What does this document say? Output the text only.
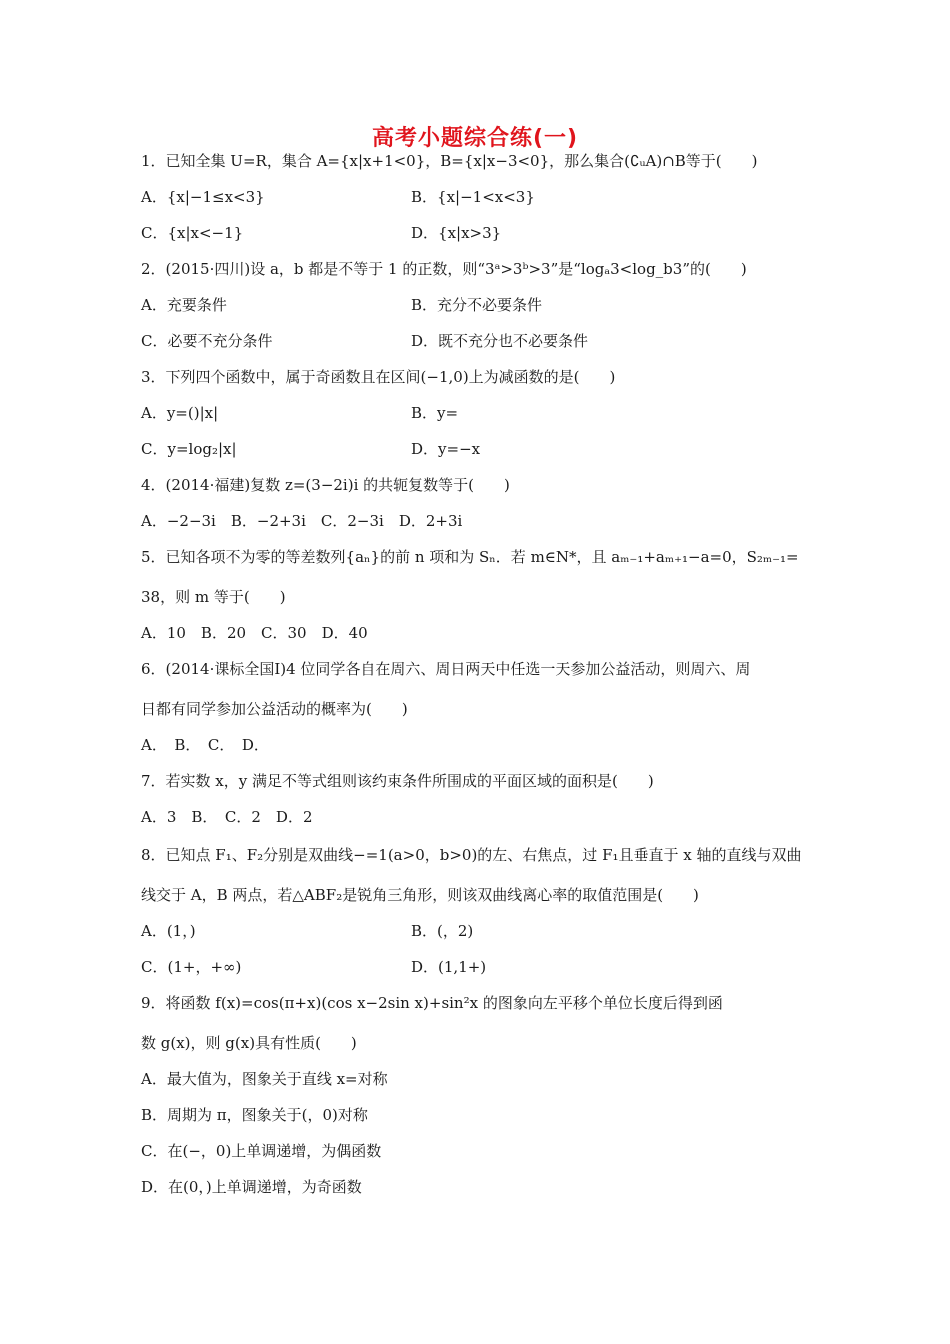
高考小题综合练(一)
1．已知全集 U=R，集合 A={x|x+1<0}，B={x|x−3<0}，那么集合(∁ᵤA)∩B等于(　　)
A．{x|−1≤x<3}	B．{x|−1<x<3}
C．{x|x<−1}	D．{x|x>3}
2．(2015·四川)设 a，b 都是不等于 1 的正数，则“3ᵃ>3ᵇ>3”是“logₐ3<log_b3”的(　　)
A．充要条件	B．充分不必要条件
C．必要不充分条件	D．既不充分也不必要条件
3．下列四个函数中，属于奇函数且在区间(−1,0)上为减函数的是(　　)
A．y=()|x|	B．y=
C．y=log₂|x|	D．y=−x
4．(2014·福建)复数 z=(3−2i)i 的共轭复数等于(　　)
A．−2−3i　B．−2+3i　C．2−3i　D．2+3i
5．已知各项不为零的等差数列{aₙ}的前 n 项和为 Sₙ．若 m∈N*，且 aₘ₋₁+aₘ₊₁−a=0，S₂ₘ₋₁=
38，则 m 等于(　　)
A．10　B．20　C．30　D．40
6．(2014·课标全国Ⅰ)4 位同学各自在周六、周日两天中任选一天参加公益活动，则周六、周
日都有同学参加公益活动的概率为(　　)
A．　B．　C．　D．
7．若实数 x，y 满足不等式组则该约束条件所围成的平面区域的面积是(　　)
A．3　B．　C．2　D．2
8．已知点 F₁、F₂分别是双曲线−=1(a>0，b>0)的左、右焦点，过 F₁且垂直于 x 轴的直线与双曲
线交于 A，B 两点，若△ABF₂是锐角三角形，则该双曲线离心率的取值范围是(　　)
A．(1，)	B．(，2)
C．(1+，+∞)	D．(1,1+)
9．将函数 f(x)=cos(π+x)(cos x−2sin x)+sin²x 的图象向左平移个单位长度后得到函
数 g(x)，则 g(x)具有性质(　　)
A．最大值为，图象关于直线 x=对称
B．周期为 π，图象关于(，0)对称
C．在(−，0)上单调递增，为偶函数
D．在(0，)上单调递增，为奇函数
